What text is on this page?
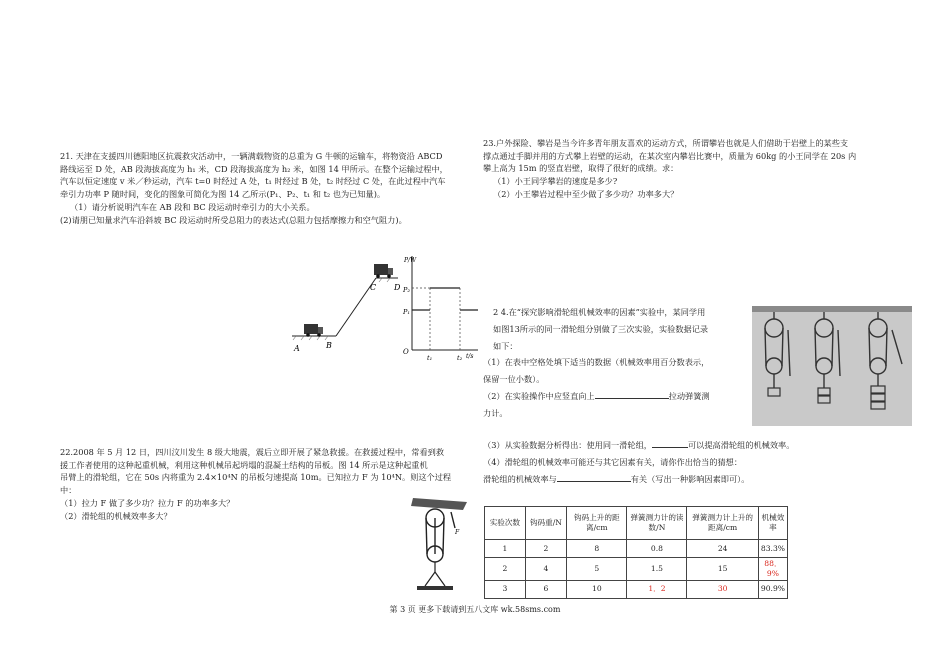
21. 天津在支援四川德阳地区抗震救灾活动中，一辆满载物资的总重为 G 牛顿的运输车，将物资沿 ABCD
路线运至 D 处，AB 段海拔高度为 h₁ 米，CD 段海拔高度为 h₂ 米，如图 14 甲所示。在整个运输过程中，
汽车以恒定速度 v 米／秒运动，汽车 t=0 时经过 A 处，t₁ 时经过 B 处，t₂ 时经过 C 处，在此过程中汽车
牵引力功率 P 随时间，变化的图象可简化为图 14 乙所示(P₁、P₂、t₁ 和 t₂ 也为已知量)。
（1）请分析说明汽车在 AB 段和 BC 段运动时牵引力的大小关系。
(2)请朋已知量求汽车沿斜坡 BC 段运动时所受总阻力的表达式(总阻力包括摩擦力和空气阻力)。
A	B
C D
P/W
P₂
P₁
O
t₁	t₂ t/s
23.户外探险、攀岩是当今许多青年朋友喜欢的运动方式，所谓攀岩也就是人们借助于岩壁上的某些支
撑点通过手脚并用的方式攀上岩壁的运动，在某次室内攀岩比赛中，质量为 60kg 的小王同学在 20s 内
攀上高为 15m 的竖直岩壁，取得了很好的成绩。求：
（1）小王同学攀岩的速度是多少?
（2）小王攀岩过程中至少做了多少功？功率多大？
2 4.在“探究影响滑轮组机械效率的因素”实验中，某同学用
如图13所示的同一滑轮组分别做了三次实验，实验数据记录
如下：
（1）在表中空格处填下适当的数据（机械效率用百分数表示，
保留一位小数）。
（2）在实验操作中应竖直向上	拉动弹簧测
力计。
（3）从实验数据分析得出：使用同一滑轮组，	可以提高滑轮组的机械效率。
（4）滑轮组的机械效率可能还与其它因素有关，请你作出恰当的猜想：
滑轮组的机械效率与	有关（写出一种影响因素即可）。
实验次数	钩码重/N	钩码上升的距离/cm	弹簧测力计的读数/N	弹簧测力计上升的距离/cm	机械效率
1	2	8	0.8	24	83.3%
2	4	5	1.5	15	88．9%
3	6	10	1．2	30	90.9%
22.2008 年 5 月 12 日，四川汶川发生 8 级大地震，震后立即开展了紧急救援。在救援过程中，常看到救
援工作者使用的这种起重机械，利用这种机械吊起坍塌的混凝土结构的吊板。图 14 所示是这种起重机
吊臂上的滑轮组，它在 50s 内将重为 2.4×10⁴N 的吊板匀速提高 10m。已知拉力 F 为 10⁴N。则这个过程
中：
（1）拉力 F 做了多少功？拉力 F 的功率多大？
（2）滑轮组的机械效率多大？
F
第 3 页 更多下载请到五八文库 wk.58sms.com
